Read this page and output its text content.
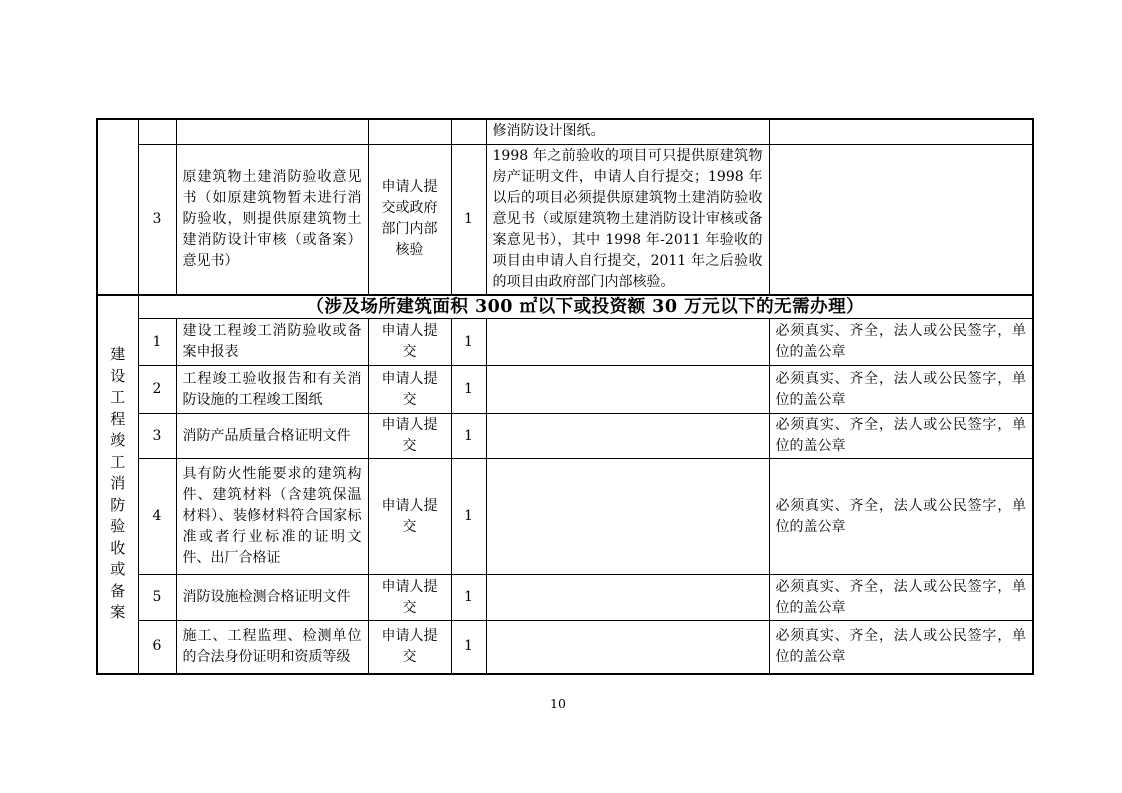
					修消防设计图纸。	
	3	原建筑物土建消防验收意见书（如原建筑物暂未进行消防验收，则提供原建筑物土建消防设计审核（或备案）意见书）	申请人提交或政府部门内部核验	1	1998 年之前验收的项目可只提供原建筑物房产证明文件，申请人自行提交；1998 年以后的项目必须提供原建筑物土建消防验收意见书（或原建筑物土建消防设计审核或备案意见书），其中 1998 年-2011 年验收的项目由申请人自行提交，2011 年之后验收的项目由政府部门内部核验。	
建设工程竣工消防验收或备案	（涉及场所建筑面积 300 ㎡以下或投资额 30 万元以下的无需办理）					
	1	建设工程竣工消防验收或备案申报表	申请人提交	1		必须真实、齐全，法人或公民签字，单位的盖公章
	2	工程竣工验收报告和有关消防设施的工程竣工图纸	申请人提交	1		必须真实、齐全，法人或公民签字，单位的盖公章
	3	消防产品质量合格证明文件	申请人提交	1		必须真实、齐全，法人或公民签字，单位的盖公章
	4	具有防火性能要求的建筑构件、建筑材料（含建筑保温材料）、装修材料符合国家标准或者行业标准的证明文件、出厂合格证	申请人提交	1		必须真实、齐全，法人或公民签字，单位的盖公章
	5	消防设施检测合格证明文件	申请人提交	1		必须真实、齐全，法人或公民签字，单位的盖公章
	6	施工、工程监理、检测单位的合法身份证明和资质等级	申请人提交	1		必须真实、齐全，法人或公民签字，单位的盖公章
10
